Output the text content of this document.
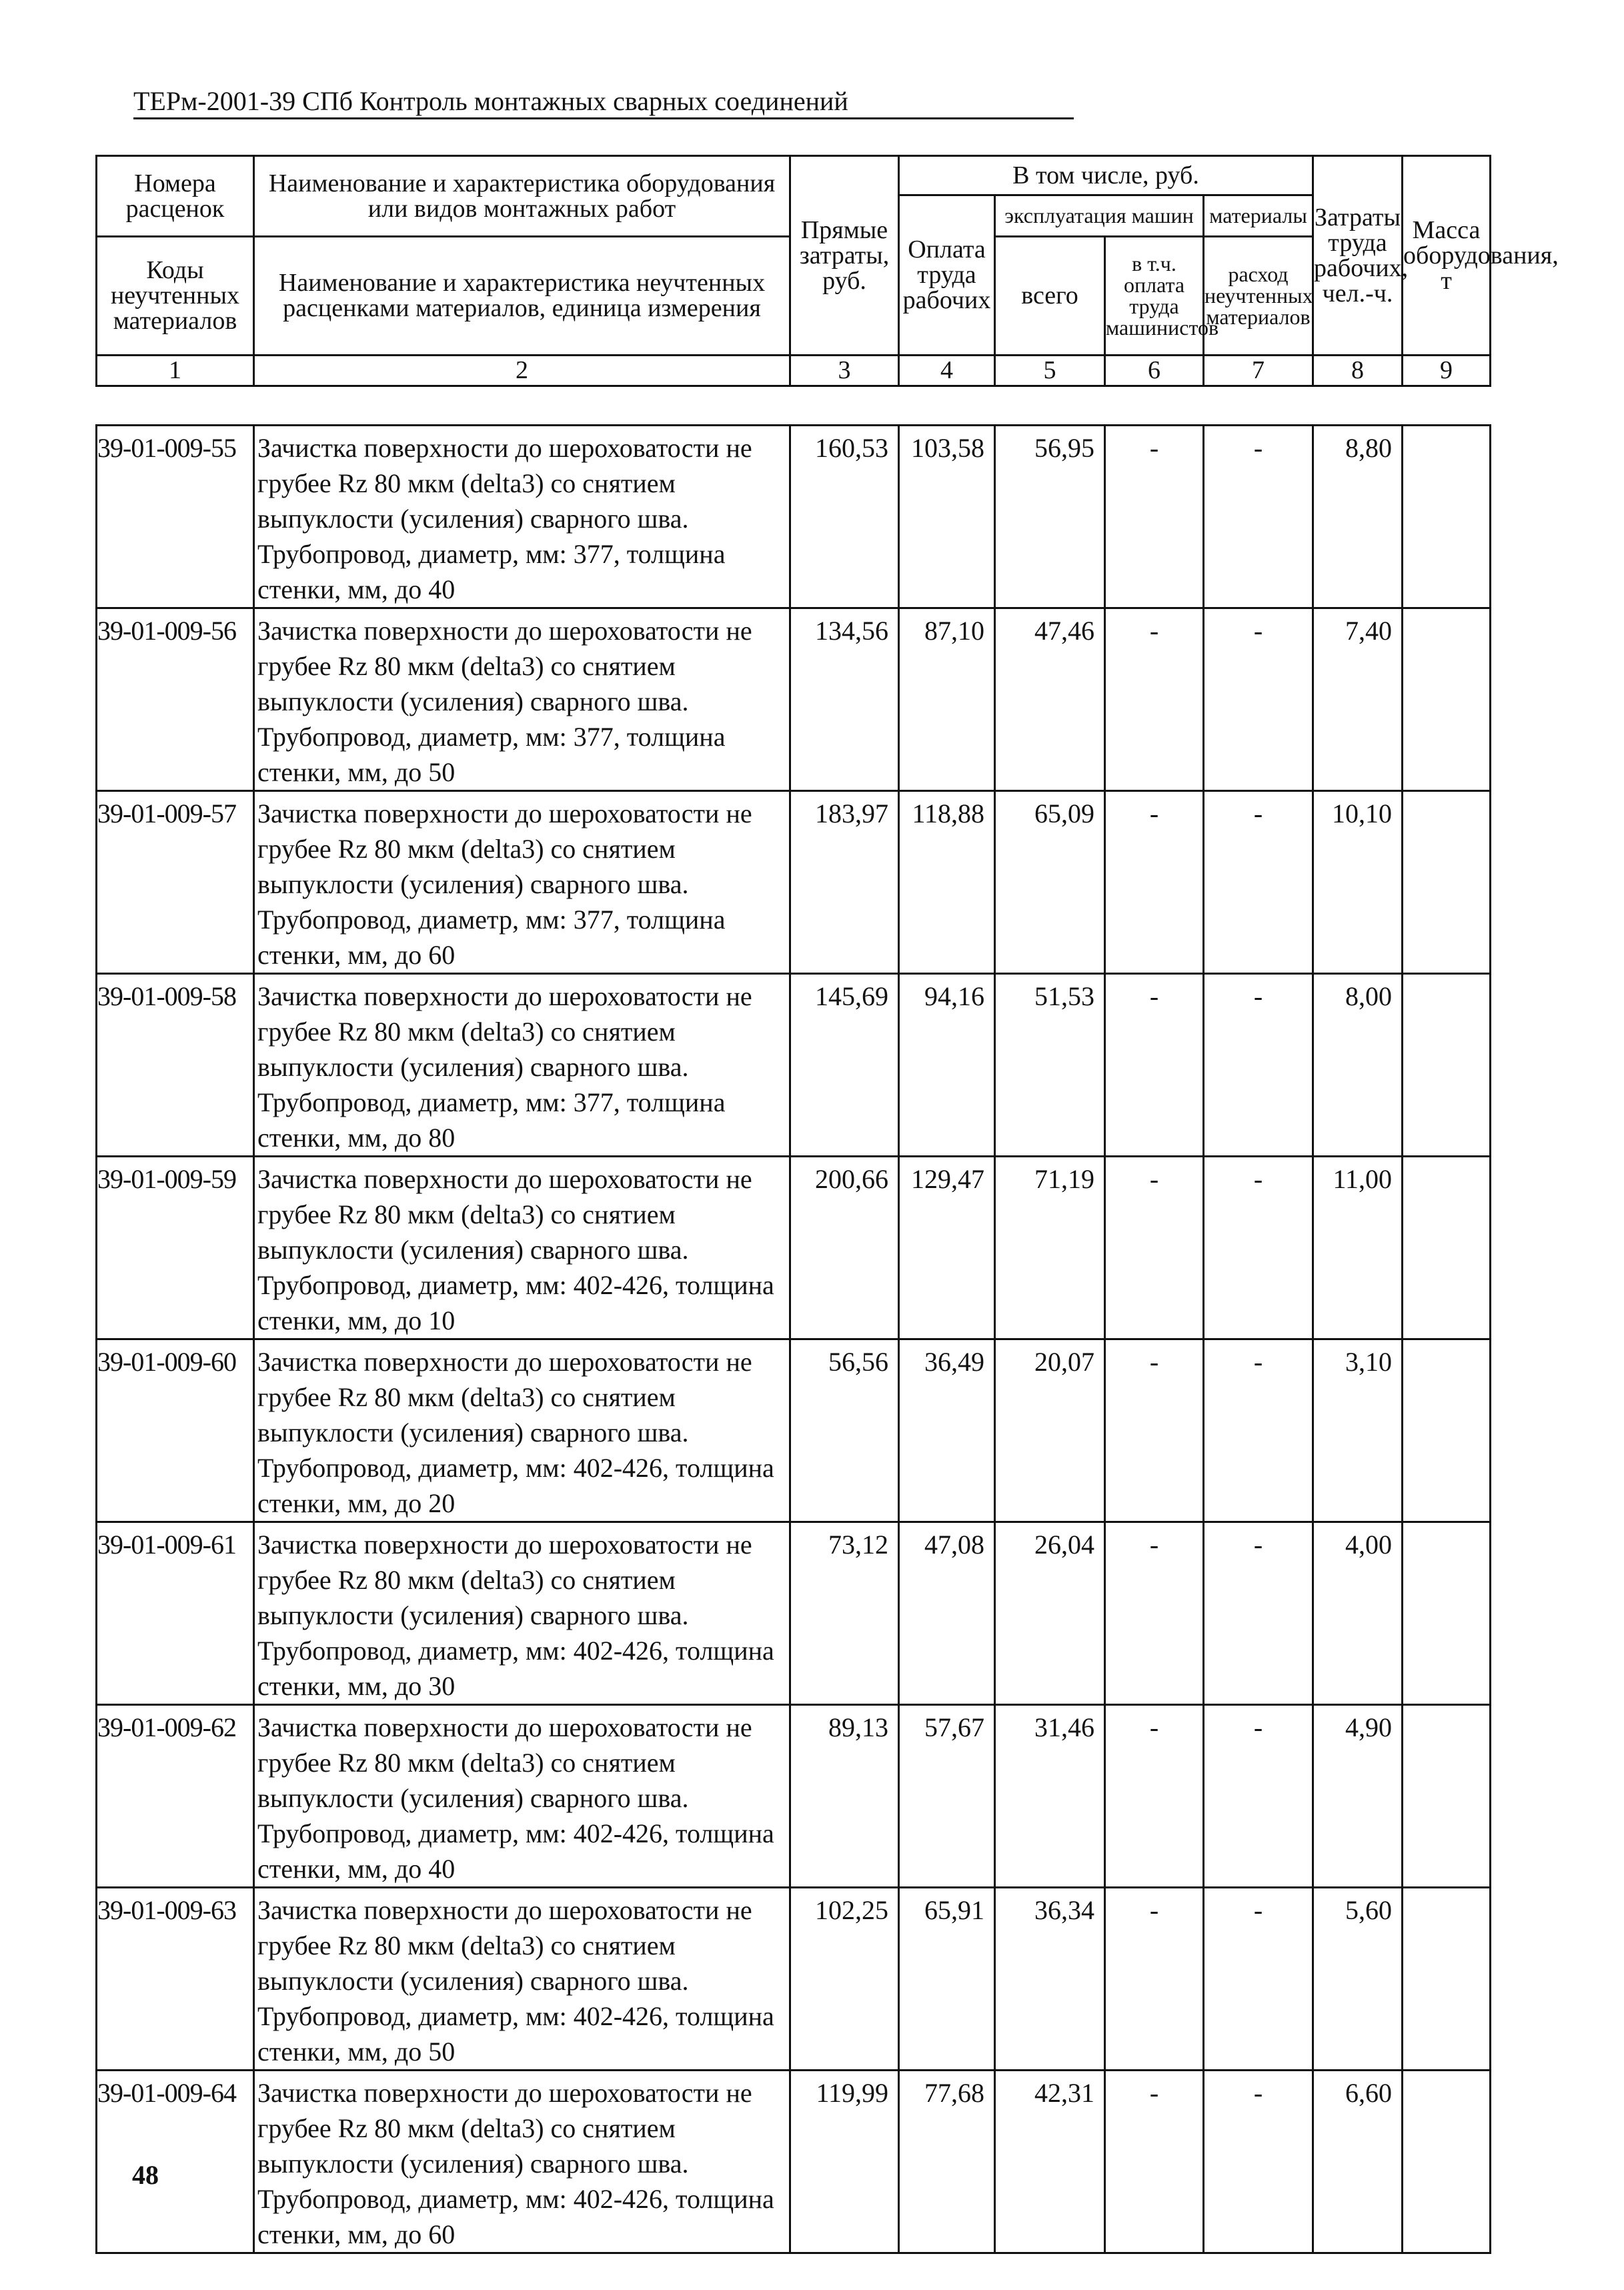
ТЕРм-2001-39 СПб Контроль монтажных сварных соединений
Номера расценок	Наименование и характеристика оборудования или видов монтажных работ	Прямые затраты, руб.	В том числе, руб.				Затраты труда рабочих, чел.-ч.	Масса оборудования, т
			Оплата труда рабочих	эксплуатация машин		материалы		
Коды неучтенных материалов	Наименование и характеристика неучтенных расценками материалов, единица измерения			всего	в т.ч. оплата труда машинистов	расход неучтенных материалов		

1	2	3	4	5	6	7	8	9
39-01-009-55	Зачистка поверхности до шероховатости не грубее Rz 80 мкм (delta3) со снятием выпуклости (усиления) сварного шва. Трубопровод, диаметр, мм: 377, толщина стенки, мм, до 40	160,53	103,58	56,95	-	-	8,80	
39-01-009-56	Зачистка поверхности до шероховатости не грубее Rz 80 мкм (delta3) со снятием выпуклости (усиления) сварного шва. Трубопровод, диаметр, мм: 377, толщина стенки, мм, до 50	134,56	87,10	47,46	-	-	7,40	
39-01-009-57	Зачистка поверхности до шероховатости не грубее Rz 80 мкм (delta3) со снятием выпуклости (усиления) сварного шва. Трубопровод, диаметр, мм: 377, толщина стенки, мм, до 60	183,97	118,88	65,09	-	-	10,10	
39-01-009-58	Зачистка поверхности до шероховатости не грубее Rz 80 мкм (delta3) со снятием выпуклости (усиления) сварного шва. Трубопровод, диаметр, мм: 377, толщина стенки, мм, до 80	145,69	94,16	51,53	-	-	8,00	
39-01-009-59	Зачистка поверхности до шероховатости не грубее Rz 80 мкм (delta3) со снятием выпуклости (усиления) сварного шва. Трубопровод, диаметр, мм: 402-426, толщина стенки, мм, до 10	200,66	129,47	71,19	-	-	11,00	
39-01-009-60	Зачистка поверхности до шероховатости не грубее Rz 80 мкм (delta3) со снятием выпуклости (усиления) сварного шва. Трубопровод, диаметр, мм: 402-426, толщина стенки, мм, до 20	56,56	36,49	20,07	-	-	3,10	
39-01-009-61	Зачистка поверхности до шероховатости не грубее Rz 80 мкм (delta3) со снятием выпуклости (усиления) сварного шва. Трубопровод, диаметр, мм: 402-426, толщина стенки, мм, до 30	73,12	47,08	26,04	-	-	4,00	
39-01-009-62	Зачистка поверхности до шероховатости не грубее Rz 80 мкм (delta3) со снятием выпуклости (усиления) сварного шва. Трубопровод, диаметр, мм: 402-426, толщина стенки, мм, до 40	89,13	57,67	31,46	-	-	4,90	
39-01-009-63	Зачистка поверхности до шероховатости не грубее Rz 80 мкм (delta3) со снятием выпуклости (усиления) сварного шва. Трубопровод, диаметр, мм: 402-426, толщина стенки, мм, до 50	102,25	65,91	36,34	-	-	5,60	
39-01-009-64	Зачистка поверхности до шероховатости не грубее Rz 80 мкм (delta3) со снятием выпуклости (усиления) сварного шва. Трубопровод, диаметр, мм: 402-426, толщина стенки, мм, до 60	119,99	77,68	42,31	-	-	6,60	
48
